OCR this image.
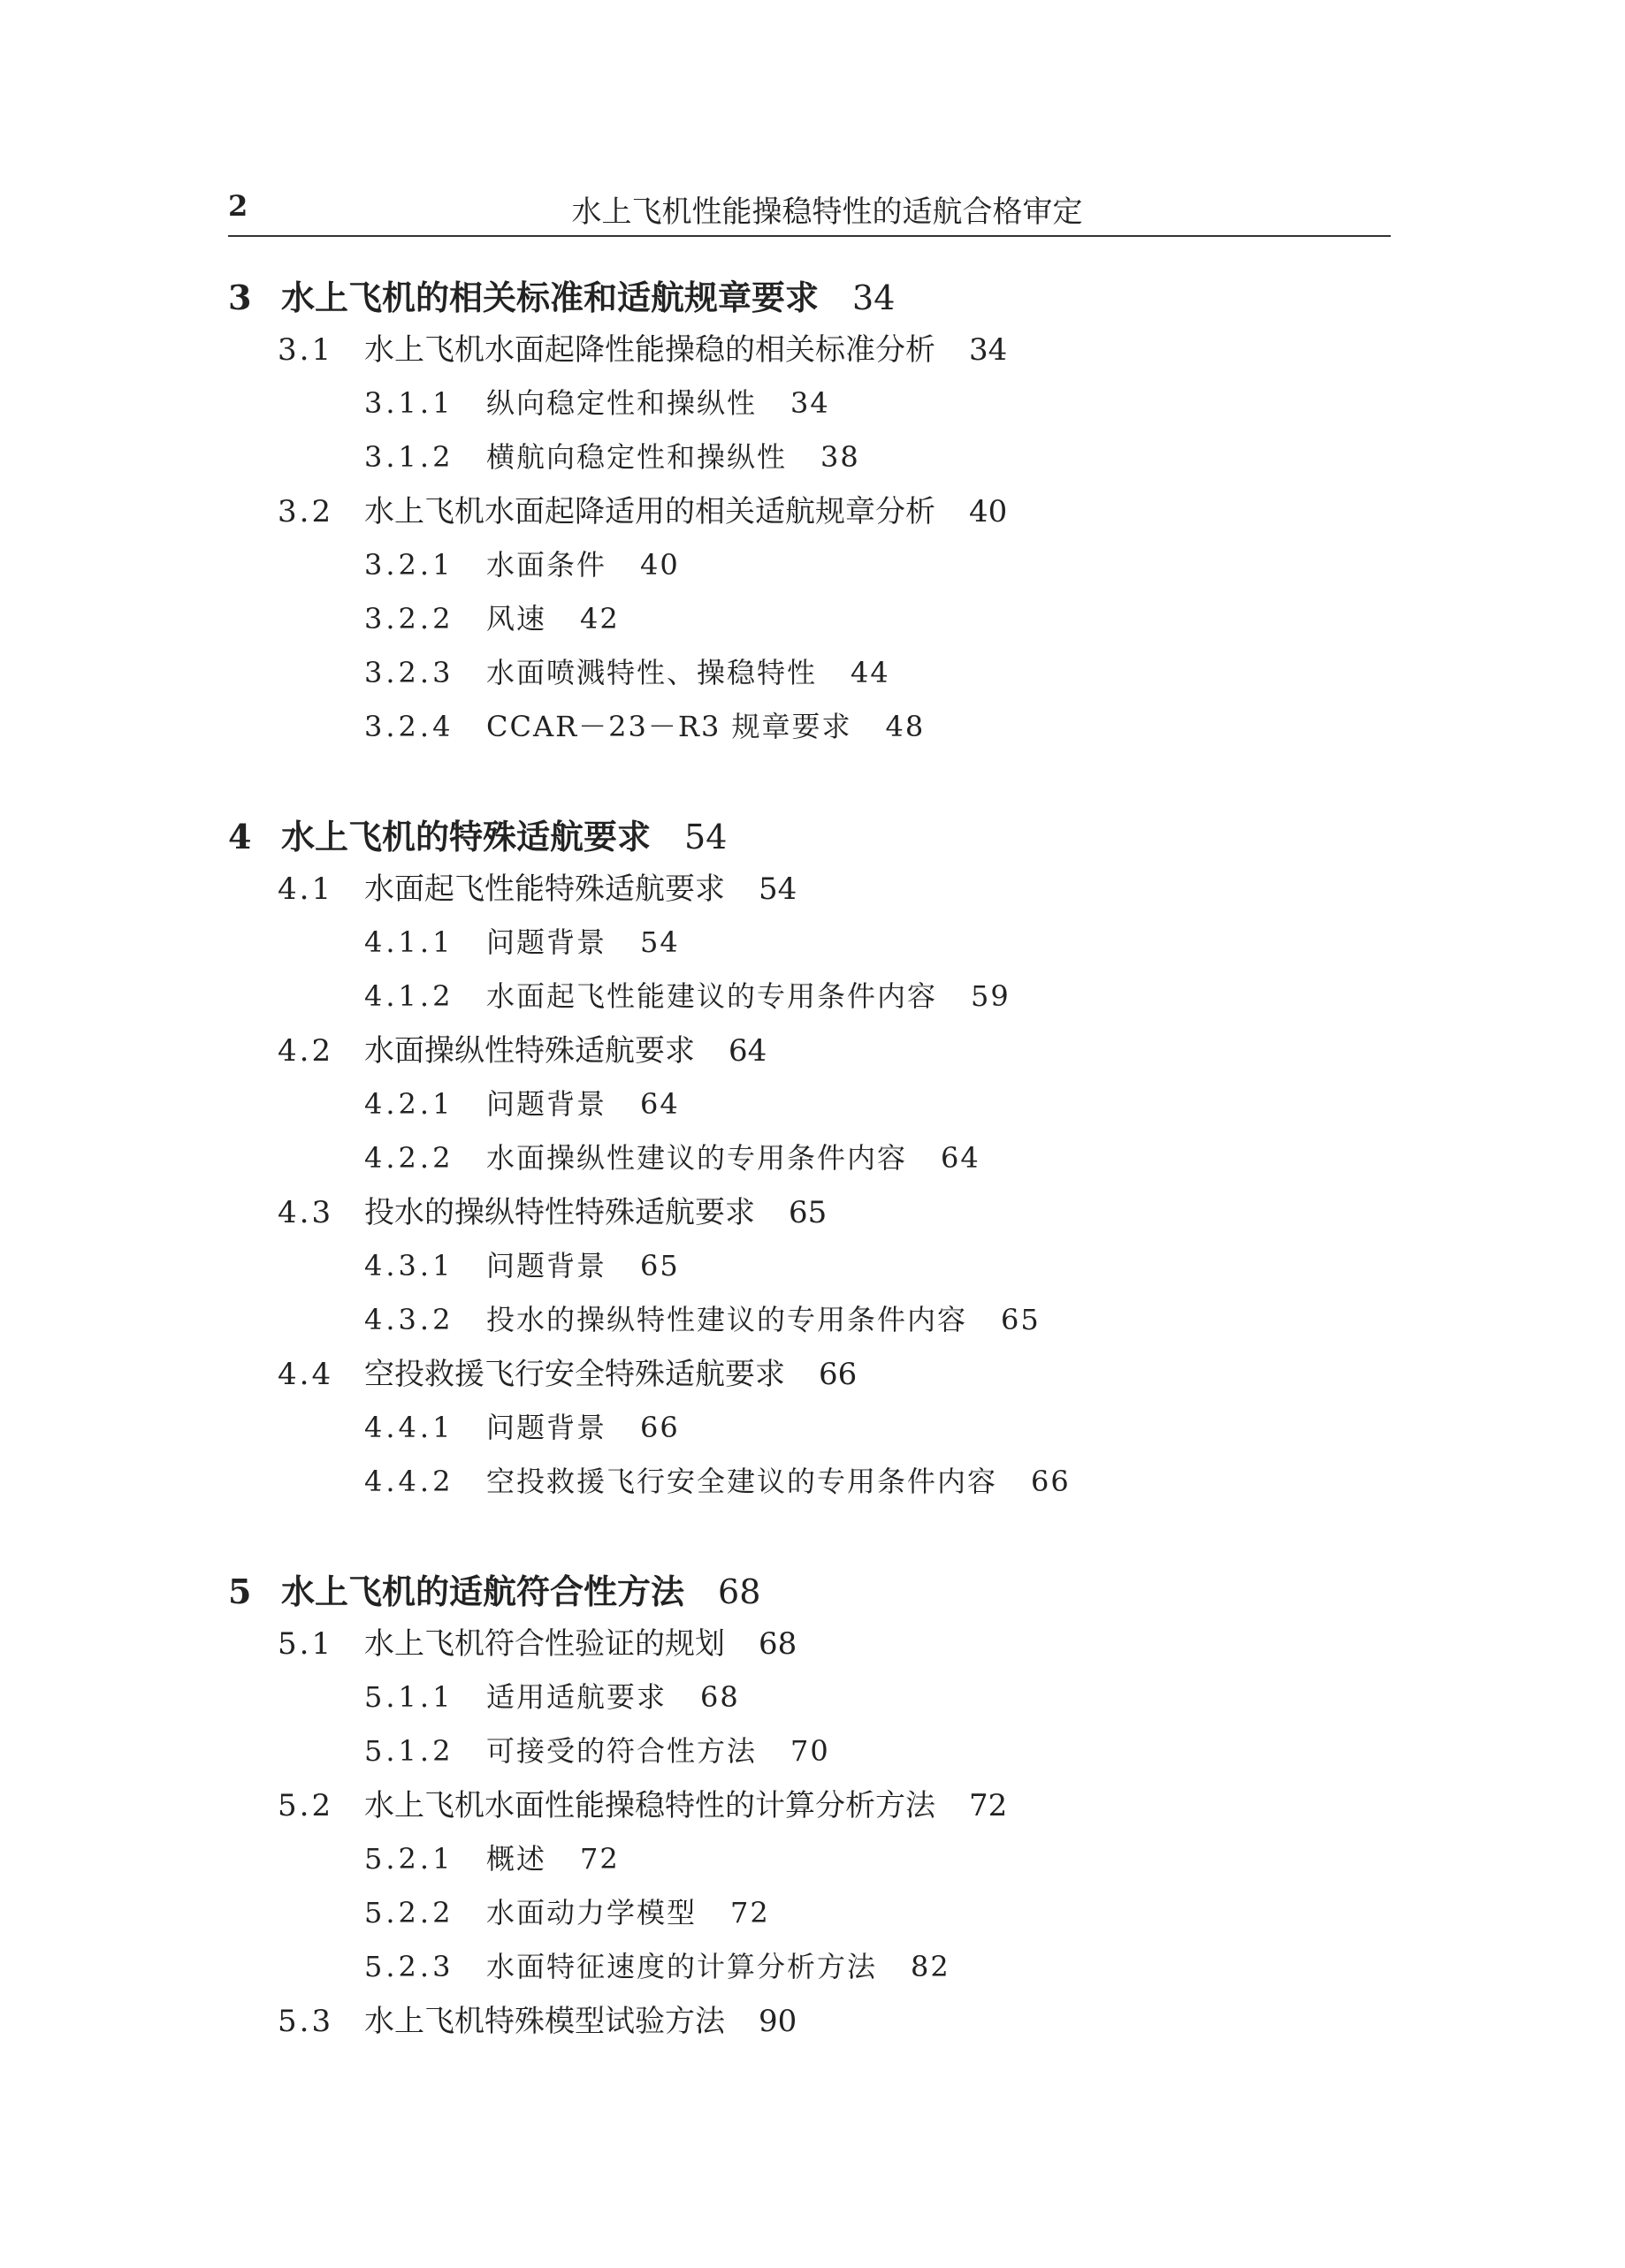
2	水上飞机性能操稳特性的适航合格审定
3 水上飞机的相关标准和适航规章要求 34
3.1 水上飞机水面起降性能操稳的相关标准分析 34
3.1.1 纵向稳定性和操纵性 34
3.1.2 横航向稳定性和操纵性 38
3.2 水上飞机水面起降适用的相关适航规章分析 40
3.2.1 水面条件 40
3.2.2 风速 42
3.2.3 水面喷溅特性、操稳特性 44
3.2.4 CCAR－23－R3 规章要求 48
4 水上飞机的特殊适航要求 54
4.1 水面起飞性能特殊适航要求 54
4.1.1 问题背景 54
4.1.2 水面起飞性能建议的专用条件内容 59
4.2 水面操纵性特殊适航要求 64
4.2.1 问题背景 64
4.2.2 水面操纵性建议的专用条件内容 64
4.3 投水的操纵特性特殊适航要求 65
4.3.1 问题背景 65
4.3.2 投水的操纵特性建议的专用条件内容 65
4.4 空投救援飞行安全特殊适航要求 66
4.4.1 问题背景 66
4.4.2 空投救援飞行安全建议的专用条件内容 66
5 水上飞机的适航符合性方法 68
5.1 水上飞机符合性验证的规划 68
5.1.1 适用适航要求 68
5.1.2 可接受的符合性方法 70
5.2 水上飞机水面性能操稳特性的计算分析方法 72
5.2.1 概述 72
5.2.2 水面动力学模型 72
5.2.3 水面特征速度的计算分析方法 82
5.3 水上飞机特殊模型试验方法 90
